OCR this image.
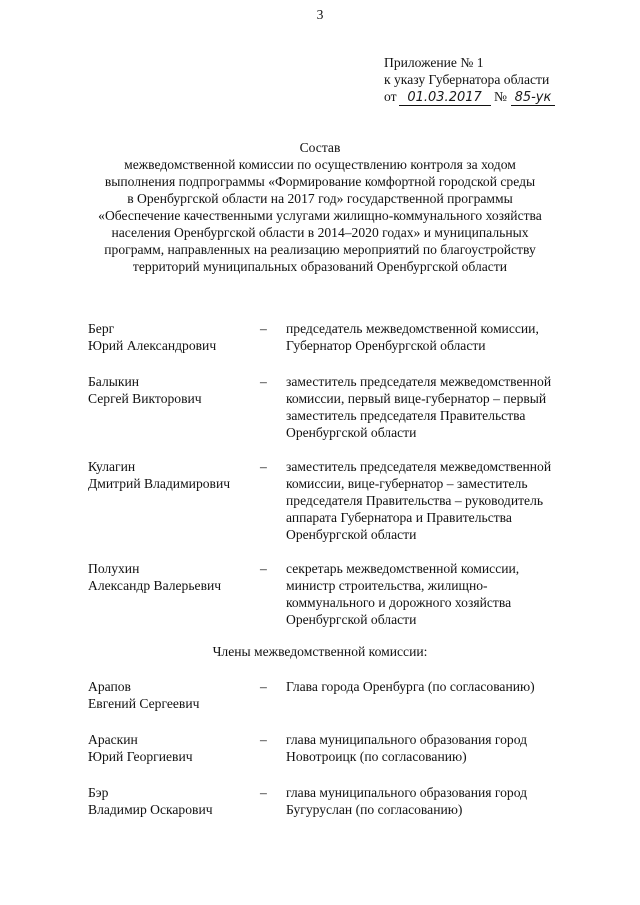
3
Приложение № 1
к указу Губернатора области
от 01.03.2017 № 85-ук
Состав
межведомственной комиссии по осуществлению контроля за ходом
выполнения подпрограммы «Формирование комфортной городской среды
в Оренбургской области на 2017 год» государственной программы
«Обеспечение качественными услугами жилищно-коммунального хозяйства
населения Оренбургской области в 2014–2020 годах» и муниципальных
программ, направленных на реализацию мероприятий по благоустройству
территорий муниципальных образований Оренбургской области
Берг
Юрий Александрович
– председатель межведомственной комиссии,
Губернатор Оренбургской области
Балыкин
Сергей Викторович
– заместитель председателя межведомственной
комиссии, первый вице-губернатор – первый
заместитель председателя Правительства
Оренбургской области
Кулагин
Дмитрий Владимирович
– заместитель председателя межведомственной
комиссии, вице-губернатор – заместитель
председателя Правительства – руководитель
аппарата Губернатора и Правительства
Оренбургской области
Полухин
Александр Валерьевич
– секретарь межведомственной комиссии,
министр строительства, жилищно-
коммунального и дорожного хозяйства
Оренбургской области
Члены межведомственной комиссии:
Арапов
Евгений Сергеевич
– Глава города Оренбурга (по согласованию)
Араскин
Юрий Георгиевич
– глава муниципального образования город
Новотроицк (по согласованию)
Бэр
Владимир Оскарович
– глава муниципального образования город
Бугуруслан (по согласованию)
